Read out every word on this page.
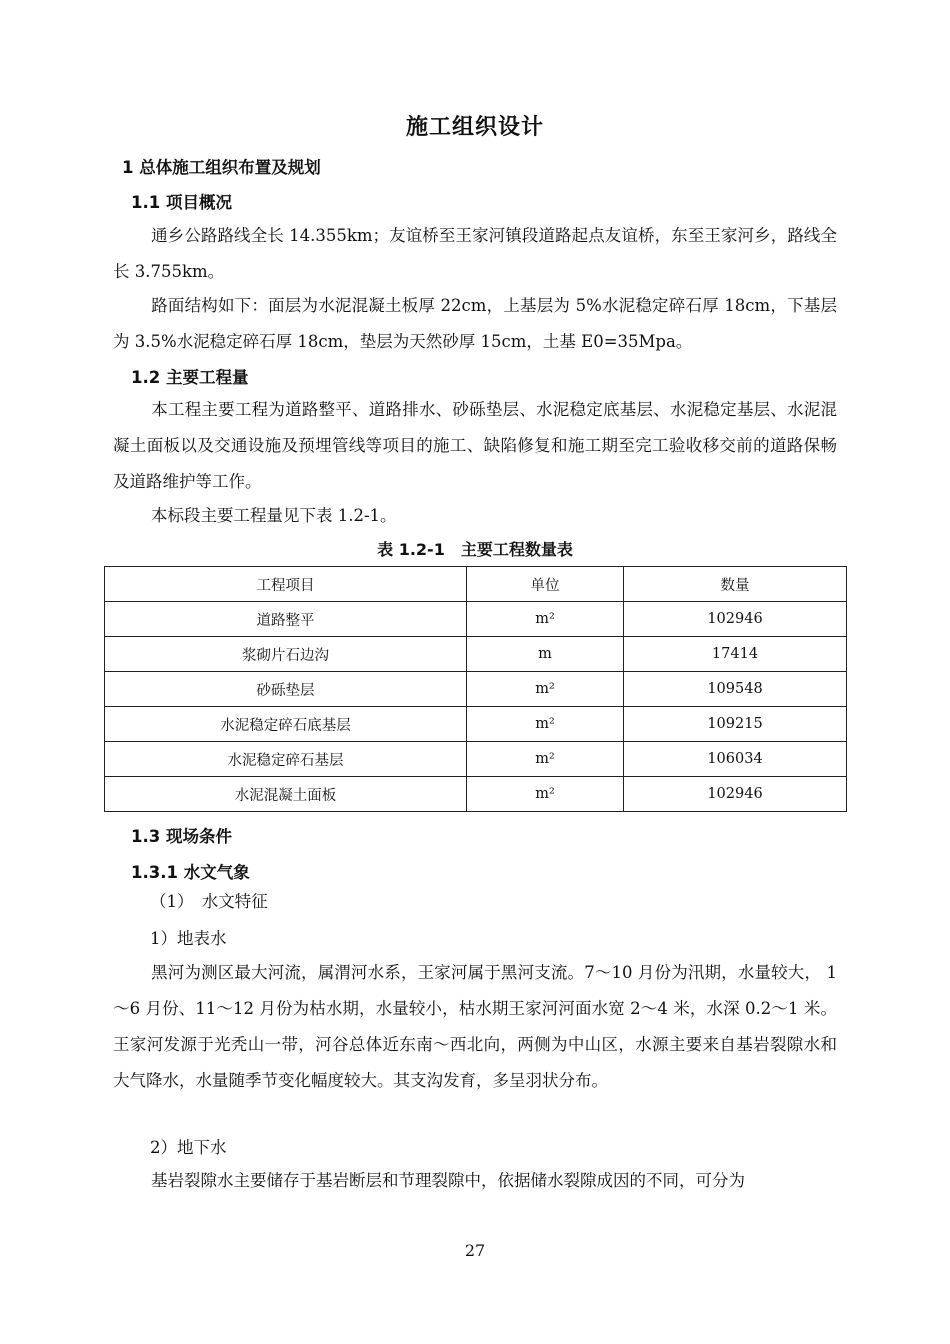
施工组织设计
1 总体施工组织布置及规划
1.1 项目概况
通乡公路路线全长 14.355km；友谊桥至王家河镇段道路起点友谊桥，东至王家河乡，路线全长 3.755km。
路面结构如下：面层为水泥混凝土板厚 22cm，上基层为 5%水泥稳定碎石厚 18cm，下基层为 3.5%水泥稳定碎石厚 18cm，垫层为天然砂厚 15cm，土基 E0=35Mpa。
1.2 主要工程量
本工程主要工程为道路整平、道路排水、砂砾垫层、水泥稳定底基层、水泥稳定基层、水泥混凝土面板以及交通设施及预埋管线等项目的施工、缺陷修复和施工期至完工验收移交前的道路保畅及道路维护等工作。
本标段主要工程量见下表 1.2-1。
表 1.2-1　主要工程数量表
工程项目	单位	数量
道路整平	m²	102946
浆砌片石边沟	m	17414
砂砾垫层	m²	109548
水泥稳定碎石底基层	m²	109215
水泥稳定碎石基层	m²	106034
水泥混凝土面板	m²	102946
1.3 现场条件
1.3.1 水文气象
（1）　水文特征
1）地表水
黑河为测区最大河流，属渭河水系，王家河属于黑河支流。7～10 月份为汛期，水量较大， 1～6 月份、11～12 月份为枯水期，水量较小，枯水期王家河河面水宽 2～4 米，水深 0.2～1 米。王家河发源于光秃山一带，河谷总体近东南～西北向，两侧为中山区，水源主要来自基岩裂隙水和大气降水，水量随季节变化幅度较大。其支沟发育，多呈羽状分布。
2）地下水
基岩裂隙水主要储存于基岩断层和节理裂隙中，依据储水裂隙成因的不同，可分为
27
